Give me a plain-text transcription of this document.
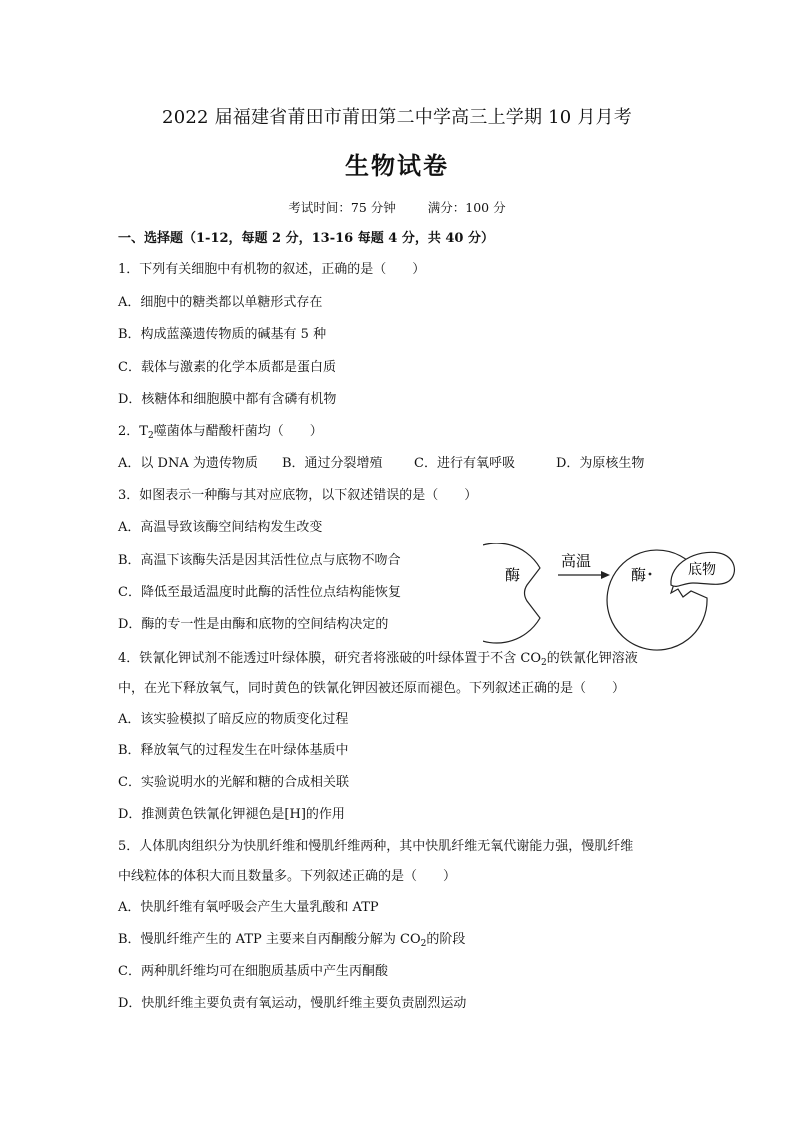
2022 届福建省莆田市莆田第二中学高三上学期 10 月月考
生物试卷
考试时间：75 分钟	满分：100 分
一、选择题（1-12，每题 2 分，13-16 每题 4 分，共 40 分）
1．下列有关细胞中有机物的叙述，正确的是（　　）
A．细胞中的糖类都以单糖形式存在
B．构成蓝藻遗传物质的碱基有 5 种
C．载体与激素的化学本质都是蛋白质
D．核糖体和细胞膜中都有含磷有机物
2．$T_2$噬菌体与醋酸杆菌均（　　）
A．以 DNA 为遗传物质 B．通过分裂增殖 C．进行有氧呼吸	D．为原核生物
3．如图表示一种酶与其对应底物，以下叙述错误的是（　　）
A．高温导致该酶空间结构发生改变
B．高温下该酶失活是因其活性位点与底物不吻合
C．降低至最适温度时此酶的活性位点结构能恢复
D．酶的专一性是由酶和底物的空间结构决定的
酶
高温
酶	底物
4．铁氰化钾试剂不能透过叶绿体膜，研究者将涨破的叶绿体置于不含 $CO_2$的铁氰化钾溶液
中，在光下释放氧气，同时黄色的铁氰化钾因被还原而褪色。下列叙述正确的是（　　）
A．该实验模拟了暗反应的物质变化过程
B．释放氧气的过程发生在叶绿体基质中
C．实验说明水的光解和糖的合成相关联
D．推测黄色铁氰化钾褪色是[H]的作用
5．人体肌肉组织分为快肌纤维和慢肌纤维两种，其中快肌纤维无氧代谢能力强，慢肌纤维
中线粒体的体积大而且数量多。下列叙述正确的是（　　）
A．快肌纤维有氧呼吸会产生大量乳酸和 ATP
B．慢肌纤维产生的 ATP 主要来自丙酮酸分解为 $CO_2$的阶段
C．两种肌纤维均可在细胞质基质中产生丙酮酸
D．快肌纤维主要负责有氧运动，慢肌纤维主要负责剧烈运动
